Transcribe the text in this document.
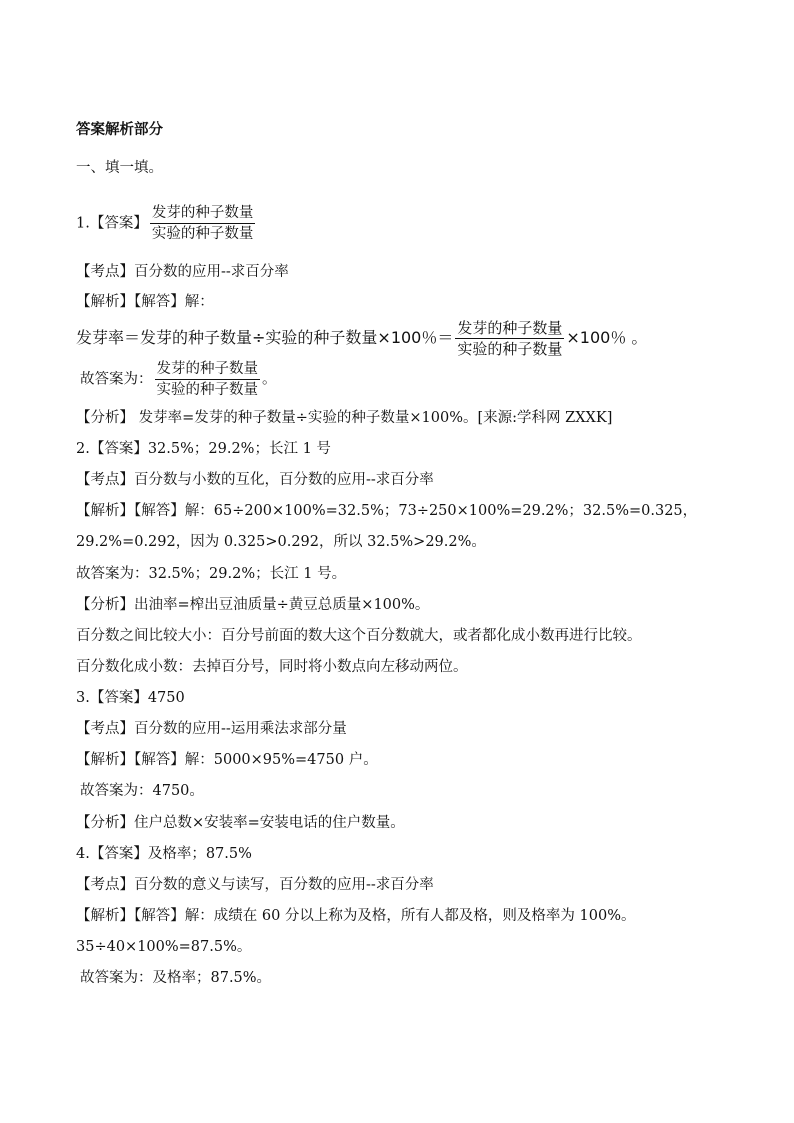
答案解析部分
一、填一填。
1.【答案】 $\frac{\text{发芽的种子数量}}{\text{实验的种子数量}}$
【考点】百分数的应用--求百分率
【解析】【解答】解：
发芽率＝发芽的种子数量÷实验的种子数量×100％＝ $\frac{\text{发芽的种子数量}}{\text{实验的种子数量}} \times 100$％ 。
故答案为： $\frac{\text{发芽的种子数量}}{\text{实验的种子数量}}$ 。
【分析】 发芽率=发芽的种子数量÷实验的种子数量×100%。[来源:学科网 ZXXK]
2.【答案】32.5%；29.2%；长江 1 号
【考点】百分数与小数的互化，百分数的应用--求百分率
【解析】【解答】解：65÷200×100%=32.5%；73÷250×100%=29.2%；32.5%=0.325，
29.2%=0.292，因为 0.325>0.292，所以 32.5%>29.2%。
故答案为：32.5%；29.2%；长江 1 号。
【分析】出油率=榨出豆油质量÷黄豆总质量×100%。
百分数之间比较大小：百分号前面的数大这个百分数就大，或者都化成小数再进行比较。
百分数化成小数：去掉百分号，同时将小数点向左移动两位。
3.【答案】4750
【考点】百分数的应用--运用乘法求部分量
【解析】【解答】解：5000×95%=4750 户。
故答案为：4750。
【分析】住户总数×安装率=安装电话的住户数量。
4.【答案】及格率；87.5%
【考点】百分数的意义与读写，百分数的应用--求百分率
【解析】【解答】解：成绩在 60 分以上称为及格，所有人都及格，则及格率为 100%。
35÷40×100%=87.5%。
故答案为：及格率；87.5%。
